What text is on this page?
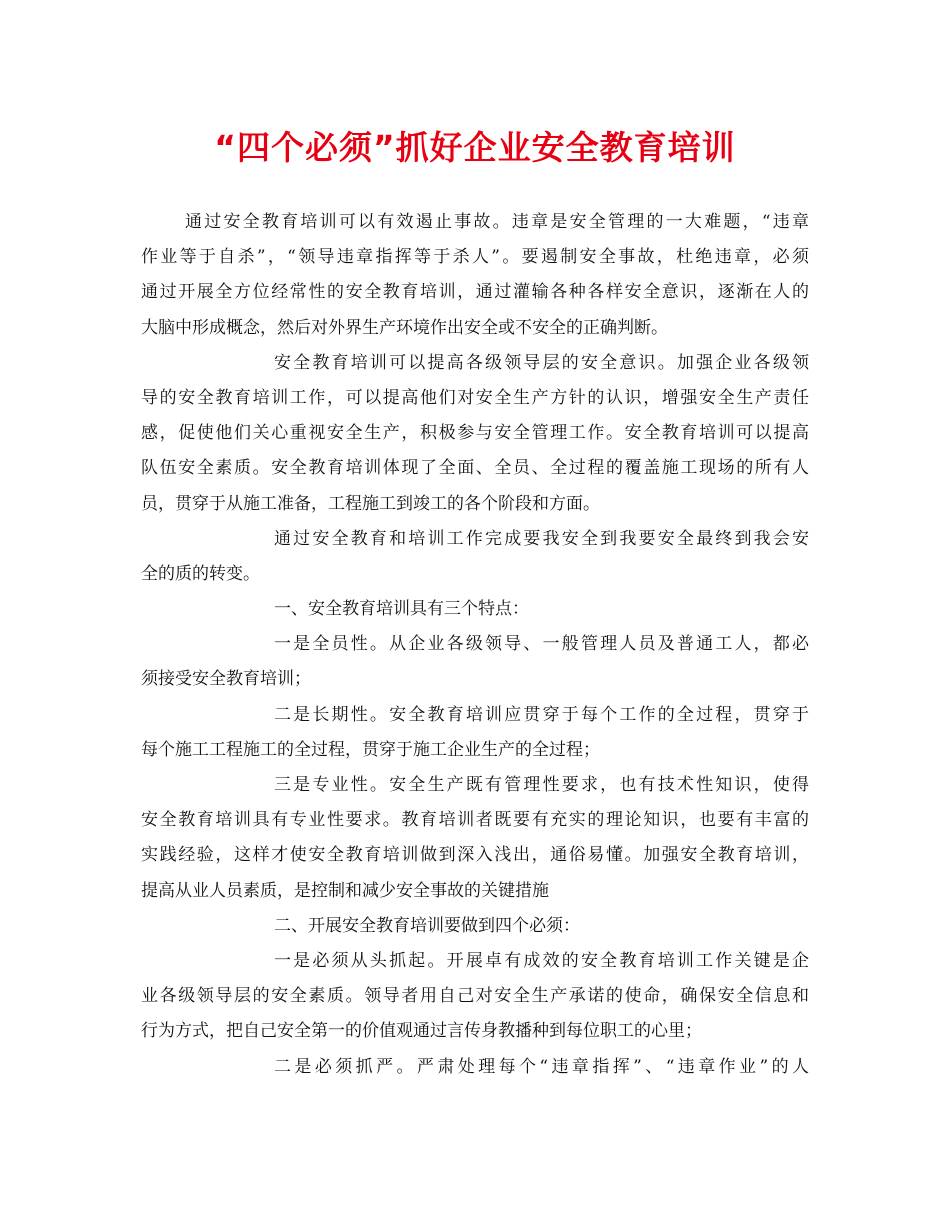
“四个必须”抓好企业安全教育培训
通过安全教育培训可以有效遏止事故。违章是安全管理的一大难题，“违章
作业等于自杀”，“领导违章指挥等于杀人”。要遏制安全事故，杜绝违章，必须
通过开展全方位经常性的安全教育培训，通过灌输各种各样安全意识，逐渐在人的
大脑中形成概念，然后对外界生产环境作出安全或不安全的正确判断。
安全教育培训可以提高各级领导层的安全意识。加强企业各级领
导的安全教育培训工作，可以提高他们对安全生产方针的认识，增强安全生产责任
感，促使他们关心重视安全生产，积极参与安全管理工作。安全教育培训可以提高
队伍安全素质。安全教育培训体现了全面、全员、全过程的覆盖施工现场的所有人
员，贯穿于从施工准备，工程施工到竣工的各个阶段和方面。
通过安全教育和培训工作完成要我安全到我要安全最终到我会安
全的质的转变。
一、安全教育培训具有三个特点：
一是全员性。从企业各级领导、一般管理人员及普通工人，都必
须接受安全教育培训；
二是长期性。安全教育培训应贯穿于每个工作的全过程，贯穿于
每个施工工程施工的全过程，贯穿于施工企业生产的全过程；
三是专业性。安全生产既有管理性要求，也有技术性知识，使得
安全教育培训具有专业性要求。教育培训者既要有充实的理论知识，也要有丰富的
实践经验，这样才使安全教育培训做到深入浅出，通俗易懂。加强安全教育培训，
提高从业人员素质，是控制和减少安全事故的关键措施
二、开展安全教育培训要做到四个必须：
一是必须从头抓起。开展卓有成效的安全教育培训工作关键是企
业各级领导层的安全素质。领导者用自己对安全生产承诺的使命，确保安全信息和
行为方式，把自己安全第一的价值观通过言传身教播种到每位职工的心里；
二是必须抓严。严肃处理每个“违章指挥”、“违章作业”的人
